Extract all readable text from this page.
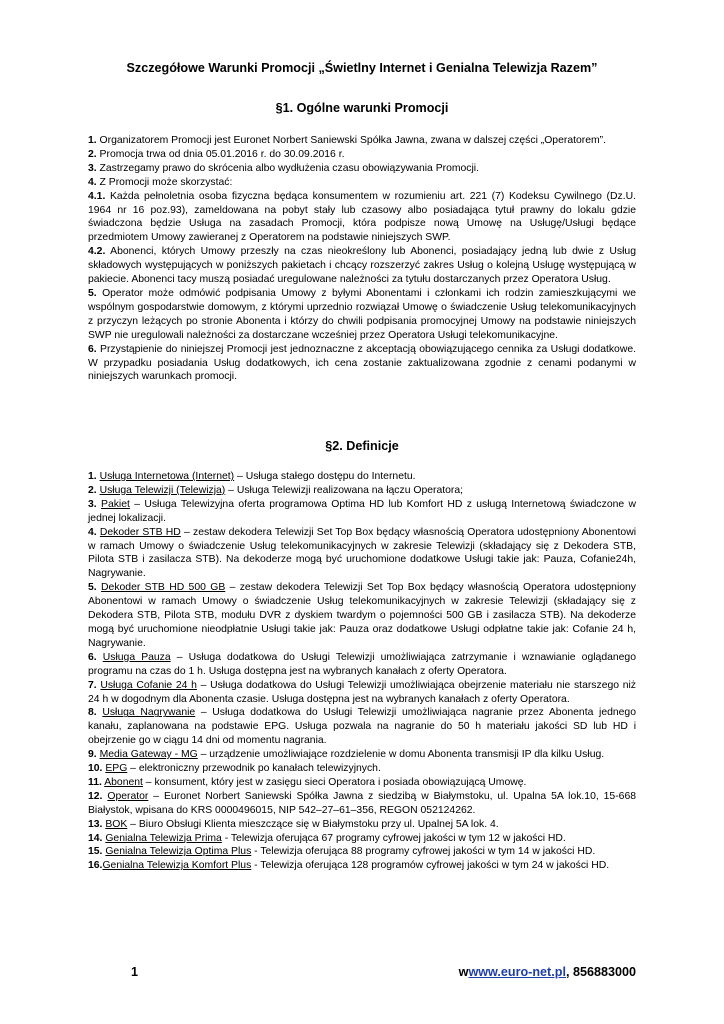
Szczegółowe Warunki Promocji „Świetlny Internet i Genialna Telewizja Razem”
§1. Ogólne warunki Promocji

1. Organizatorem Promocji jest Euronet Norbert Saniewski Spółka Jawna, zwana w dalszej części „Operatorem”.

2. Promocja trwa od dnia 05.01.2016 r. do 30.09.2016 r.

3. Zastrzegamy prawo do skrócenia albo wydłużenia czasu obowiązywania Promocji.

4. Z Promocji może skorzystać:

4.1. Każda pełnoletnia osoba fizyczna będąca konsumentem w rozumieniu art. 221 (7) Kodeksu Cywilnego (Dz.U. 1964 nr 16 poz.93), zameldowana na pobyt stały lub czasowy albo posiadająca tytuł prawny do lokalu gdzie świadczona będzie Usługa na zasadach Promocji, która podpisze nową Umowę na Usługę/Usługi będące przedmiotem Umowy zawieranej z Operatorem na podstawie niniejszych SWP.

4.2. Abonenci, których Umowy przeszły na czas nieokreślony lub Abonenci, posiadający jedną lub dwie z Usług składowych występujących w poniższych pakietach i chcący rozszerzyć zakres Usług o kolejną Usługę występującą w pakiecie. Abonenci tacy muszą posiadać uregulowane należności za tytułu dostarczanych przez Operatora Usług.

5. Operator może odmówić podpisania Umowy z byłymi Abonentami i członkami ich rodzin zamieszkującymi we wspólnym gospodarstwie domowym, z którymi uprzednio rozwiązał Umowę o świadczenie Usług telekomunikacyjnych z przyczyn leżących po stronie Abonenta i którzy do chwili podpisania promocyjnej Umowy na podstawie niniejszych SWP nie uregulowali należności za dostarczane wcześniej przez Operatora Usługi telekomunikacyjne.

6. Przystąpienie do niniejszej Promocji jest jednoznaczne z akceptacją obowiązującego cennika za Usługi dodatkowe. W przypadku posiadania Usług dodatkowych, ich cena zostanie zaktualizowana zgodnie z cenami podanymi w niniejszych warunkach promocji.

§2. Definicje

1. Usługa Internetowa (Internet) – Usługa stałego dostępu do Internetu.

2. Usługa Telewizji (Telewizja) – Usługa Telewizji realizowana na łączu Operatora;

3. Pakiet – Usługa Telewizyjna oferta programowa Optima HD lub Komfort HD z usługą Internetową świadczone w jednej lokalizacji.

4. Dekoder STB HD – zestaw dekodera Telewizji Set Top Box będący własnością Operatora udostępniony Abonentowi w ramach Umowy o świadczenie Usług telekomunikacyjnych w zakresie Telewizji (składający się z Dekodera STB, Pilota STB i zasilacza STB). Na dekoderze mogą być uruchomione dodatkowe Usługi takie jak: Pauza, Cofanie24h, Nagrywanie.

5. Dekoder STB HD 500 GB – zestaw dekodera Telewizji Set Top Box będący własnością Operatora udostępniony Abonentowi w ramach Umowy o świadczenie Usług telekomunikacyjnych w zakresie Telewizji (składający się z Dekodera STB, Pilota STB, modułu DVR z dyskiem twardym o pojemności 500 GB i zasilacza STB). Na dekoderze mogą być uruchomione nieodpłatnie Usługi takie jak: Pauza oraz dodatkowe Usługi odpłatne takie jak: Cofanie 24 h, Nagrywanie.

6. Usługa Pauza – Usługa dodatkowa do Usługi Telewizji umożliwiająca zatrzymanie i wznawianie oglądanego programu na czas do 1 h. Usługa dostępna jest na wybranych kanałach z oferty Operatora.

7. Usługa Cofanie 24 h – Usługa dodatkowa do Usługi Telewizji umożliwiająca obejrzenie materiału nie starszego niż 24 h w dogodnym dla Abonenta czasie. Usługa dostępna jest na wybranych kanałach z oferty Operatora.

8. Usługa Nagrywanie – Usługa dodatkowa do Usługi Telewizji umożliwiająca nagranie przez Abonenta jednego kanału, zaplanowana na podstawie EPG. Usługa pozwala na nagranie do 50 h materiału jakości SD lub HD i obejrzenie go w ciągu 14 dni od momentu nagrania.

9. Media Gateway - MG – urządzenie umożliwiające rozdzielenie w domu Abonenta transmisji IP dla kilku Usług.

10. EPG – elektroniczny przewodnik po kanałach telewizyjnych.

11. Abonent – konsument, który jest w zasięgu sieci Operatora i posiada obowiązującą Umowę.

12. Operator – Euronet Norbert Saniewski Spółka Jawna z siedzibą w Białymstoku, ul. Upalna 5A lok.10, 15-668 Białystok, wpisana do KRS 0000496015, NIP 542–27–61–356, REGON 052124262.

13. BOK – Biuro Obsługi Klienta mieszczące się w Białymstoku przy ul. Upalnej 5A lok. 4.

14. Genialna Telewizja Prima - Telewizja oferująca 67 programy cyfrowej jakości w tym 12 w jakości HD.

15. Genialna Telewizja Optima Plus - Telewizja oferująca 88 programy cyfrowej jakości w tym 14 w jakości HD.

16.Genialna Telewizja Komfort Plus - Telewizja oferująca 128 programów cyfrowej jakości w tym 24 w jakości HD.

1	wwww.euro-net.pl, 856883000
